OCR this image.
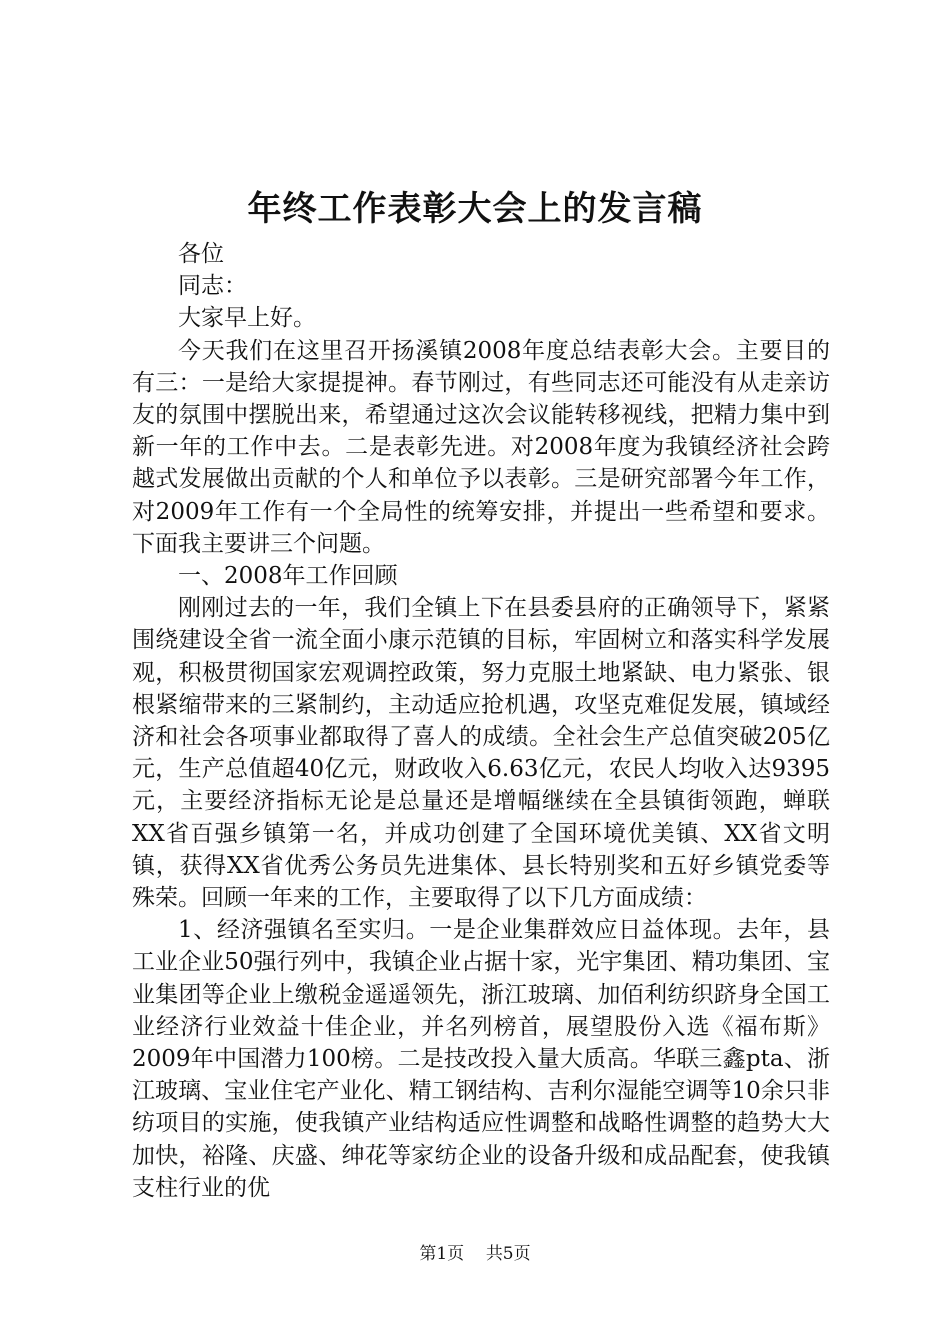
年终工作表彰大会上的发言稿

各位

同志：

大家早上好。

今天我们在这里召开扬溪镇2008年度总结表彰大会。主要目的有三：一是给大家提提神。春节刚过，有些同志还可能没有从走亲访友的氛围中摆脱出来，希望通过这次会议能转移视线，把精力集中到新一年的工作中去。二是表彰先进。对2008年度为我镇经济社会跨越式发展做出贡献的个人和单位予以表彰。三是研究部署今年工作，对2009年工作有一个全局性的统筹安排，并提出一些希望和要求。下面我主要讲三个问题。

一、2008年工作回顾

刚刚过去的一年，我们全镇上下在县委县府的正确领导下，紧紧围绕建设全省一流全面小康示范镇的目标，牢固树立和落实科学发展观，积极贯彻国家宏观调控政策，努力克服土地紧缺、电力紧张、银根紧缩带来的三紧制约，主动适应抢机遇，攻坚克难促发展，镇域经济和社会各项事业都取得了喜人的成绩。全社会生产总值突破205亿元，生产总值超40亿元，财政收入6.63亿元，农民人均收入达9395元，主要经济指标无论是总量还是增幅继续在全县镇街领跑，蝉联XX省百强乡镇第一名，并成功创建了全国环境优美镇、XX省文明镇，获得XX省优秀公务员先进集体、县长特别奖和五好乡镇党委等殊荣。回顾一年来的工作，主要取得了以下几方面成绩：

1、经济强镇名至实归。一是企业集群效应日益体现。去年，县工业企业50强行列中，我镇企业占据十家，光宇集团、精功集团、宝业集团等企业上缴税金遥遥领先，浙江玻璃、加佰利纺织跻身全国工业经济行业效益十佳企业，并名列榜首，展望股份入选《福布斯》2009年中国潜力100榜。二是技改投入量大质高。华联三鑫pta、浙江玻璃、宝业住宅产业化、精工钢结构、吉利尔湿能空调等10余只非纺项目的实施，使我镇产业结构适应性调整和战略性调整的趋势大大加快，裕隆、庆盛、绅花等家纺企业的设备升级和成品配套，使我镇支柱行业的优

第1页 共5页
